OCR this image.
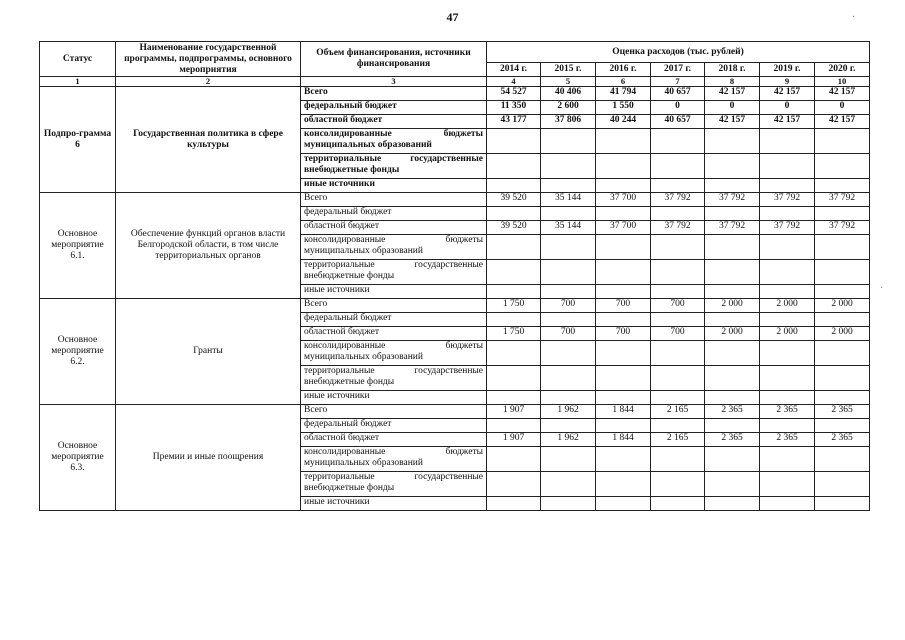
47
Статус	Наименование государственной программы, подпрограммы, основного мероприятия	Объем финансирования, источники финансирования	Оценка расходов (тыс. рублей)						
			2014 г.	2015 г.	2016 г.	2017 г.	2018 г.	2019 г.	2020 г.
1	2	3	4	5	6	7	8	9	10
Подпро-грамма 6	Государственная политика в сфере культуры	Всего	54 527	40 406	41 794	40 657	42 157	42 157	42 157
		федеральный бюджет	11 350	2 600	1 550	0	0	0	0
		областной бюджет	43 177	37 806	40 244	40 657	42 157	42 157	42 157
		консолидированные бюджеты муниципальных образований							
		территориальные государственные внебюджетные фонды							
		иные источники							
Основное мероприятие 6.1.	Обеспечение функций органов власти Белгородской области, в том числе территориальных органов	Всего	39 520	35 144	37 700	37 792	37 792	37 792	37 792
		федеральный бюджет							
		областной бюджет	39 520	35 144	37 700	37 792	37 792	37 792	37 792
		консолидированные бюджеты муниципальных образований							
		территориальные государственные внебюджетные фонды							
		иные источники							
Основное мероприятие 6.2.	Гранты	Всего	1 750	700	700	700	2 000	2 000	2 000
		федеральный бюджет							
		областной бюджет	1 750	700	700	700	2 000	2 000	2 000
		консолидированные бюджеты муниципальных образований							
		территориальные государственные внебюджетные фонды							
		иные источники							
Основное мероприятие 6.3.	Премии и иные поощрения	Всего	1 907	1 962	1 844	2 165	2 365	2 365	2 365
		федеральный бюджет							
		областной бюджет	1 907	1 962	1 844	2 165	2 365	2 365	2 365
		консолидированные бюджеты муниципальных образований							
		территориальные государственные внебюджетные фонды							
		иные источники							
·
·
